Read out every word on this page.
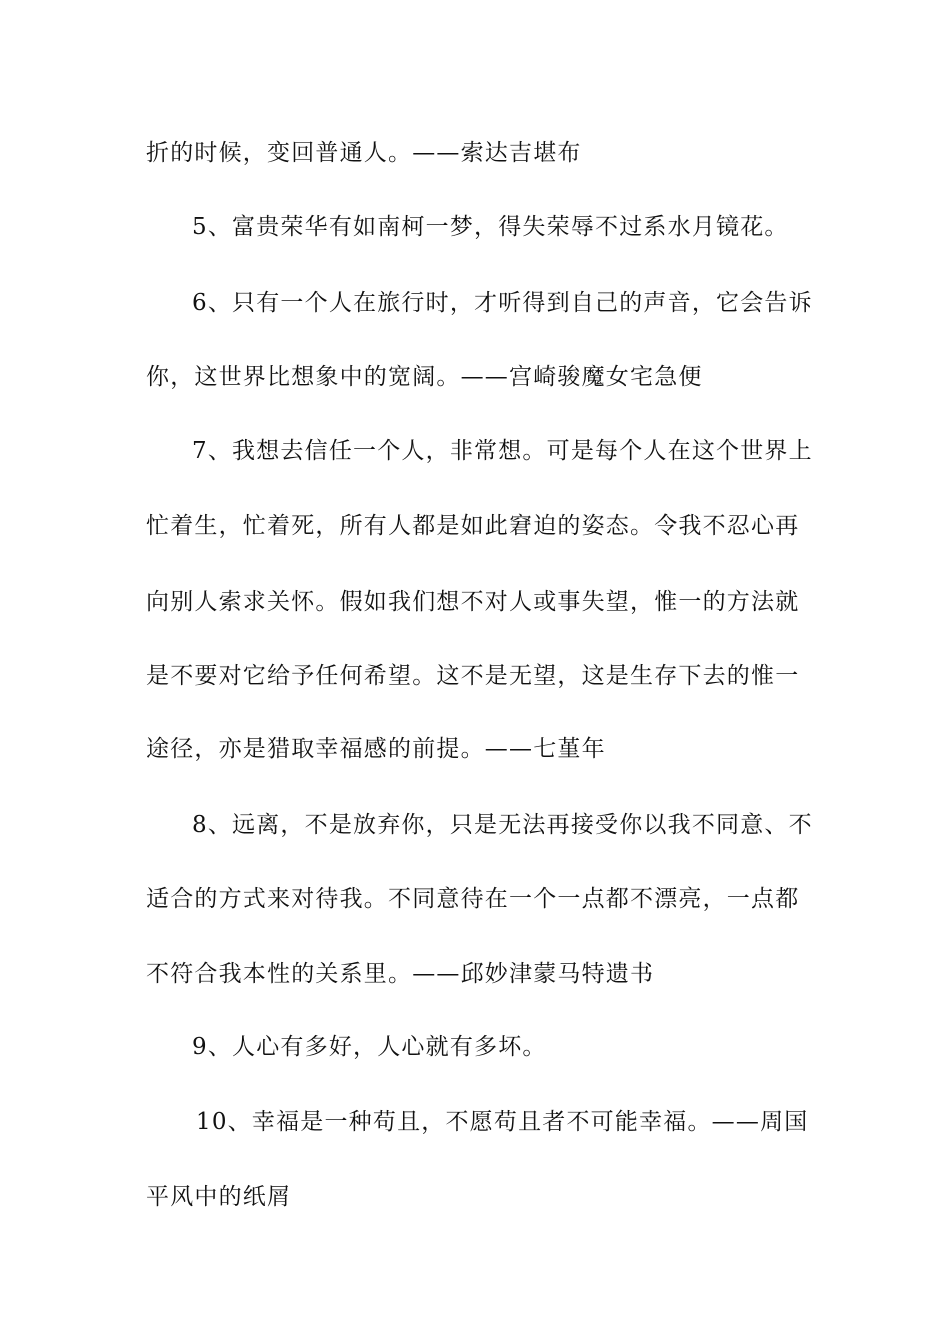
折的时候，变回普通人。——索达吉堪布

5、富贵荣华有如南柯一梦，得失荣辱不过系水月镜花。

6、只有一个人在旅行时，才听得到自己的声音，它会告诉

你，这世界比想象中的宽阔。——宫崎骏魔女宅急便

7、我想去信任一个人，非常想。可是每个人在这个世界上

忙着生，忙着死，所有人都是如此窘迫的姿态。令我不忍心再

向别人索求关怀。假如我们想不对人或事失望，惟一的方法就

是不要对它给予任何希望。这不是无望，这是生存下去的惟一

途径，亦是猎取幸福感的前提。——七堇年

8、远离，不是放弃你，只是无法再接受你以我不同意、不

适合的方式来对待我。不同意待在一个一点都不漂亮，一点都

不符合我本性的关系里。——邱妙津蒙马特遗书

9、人心有多好，人心就有多坏。

10、幸福是一种苟且，不愿苟且者不可能幸福。——周国

平风中的纸屑
